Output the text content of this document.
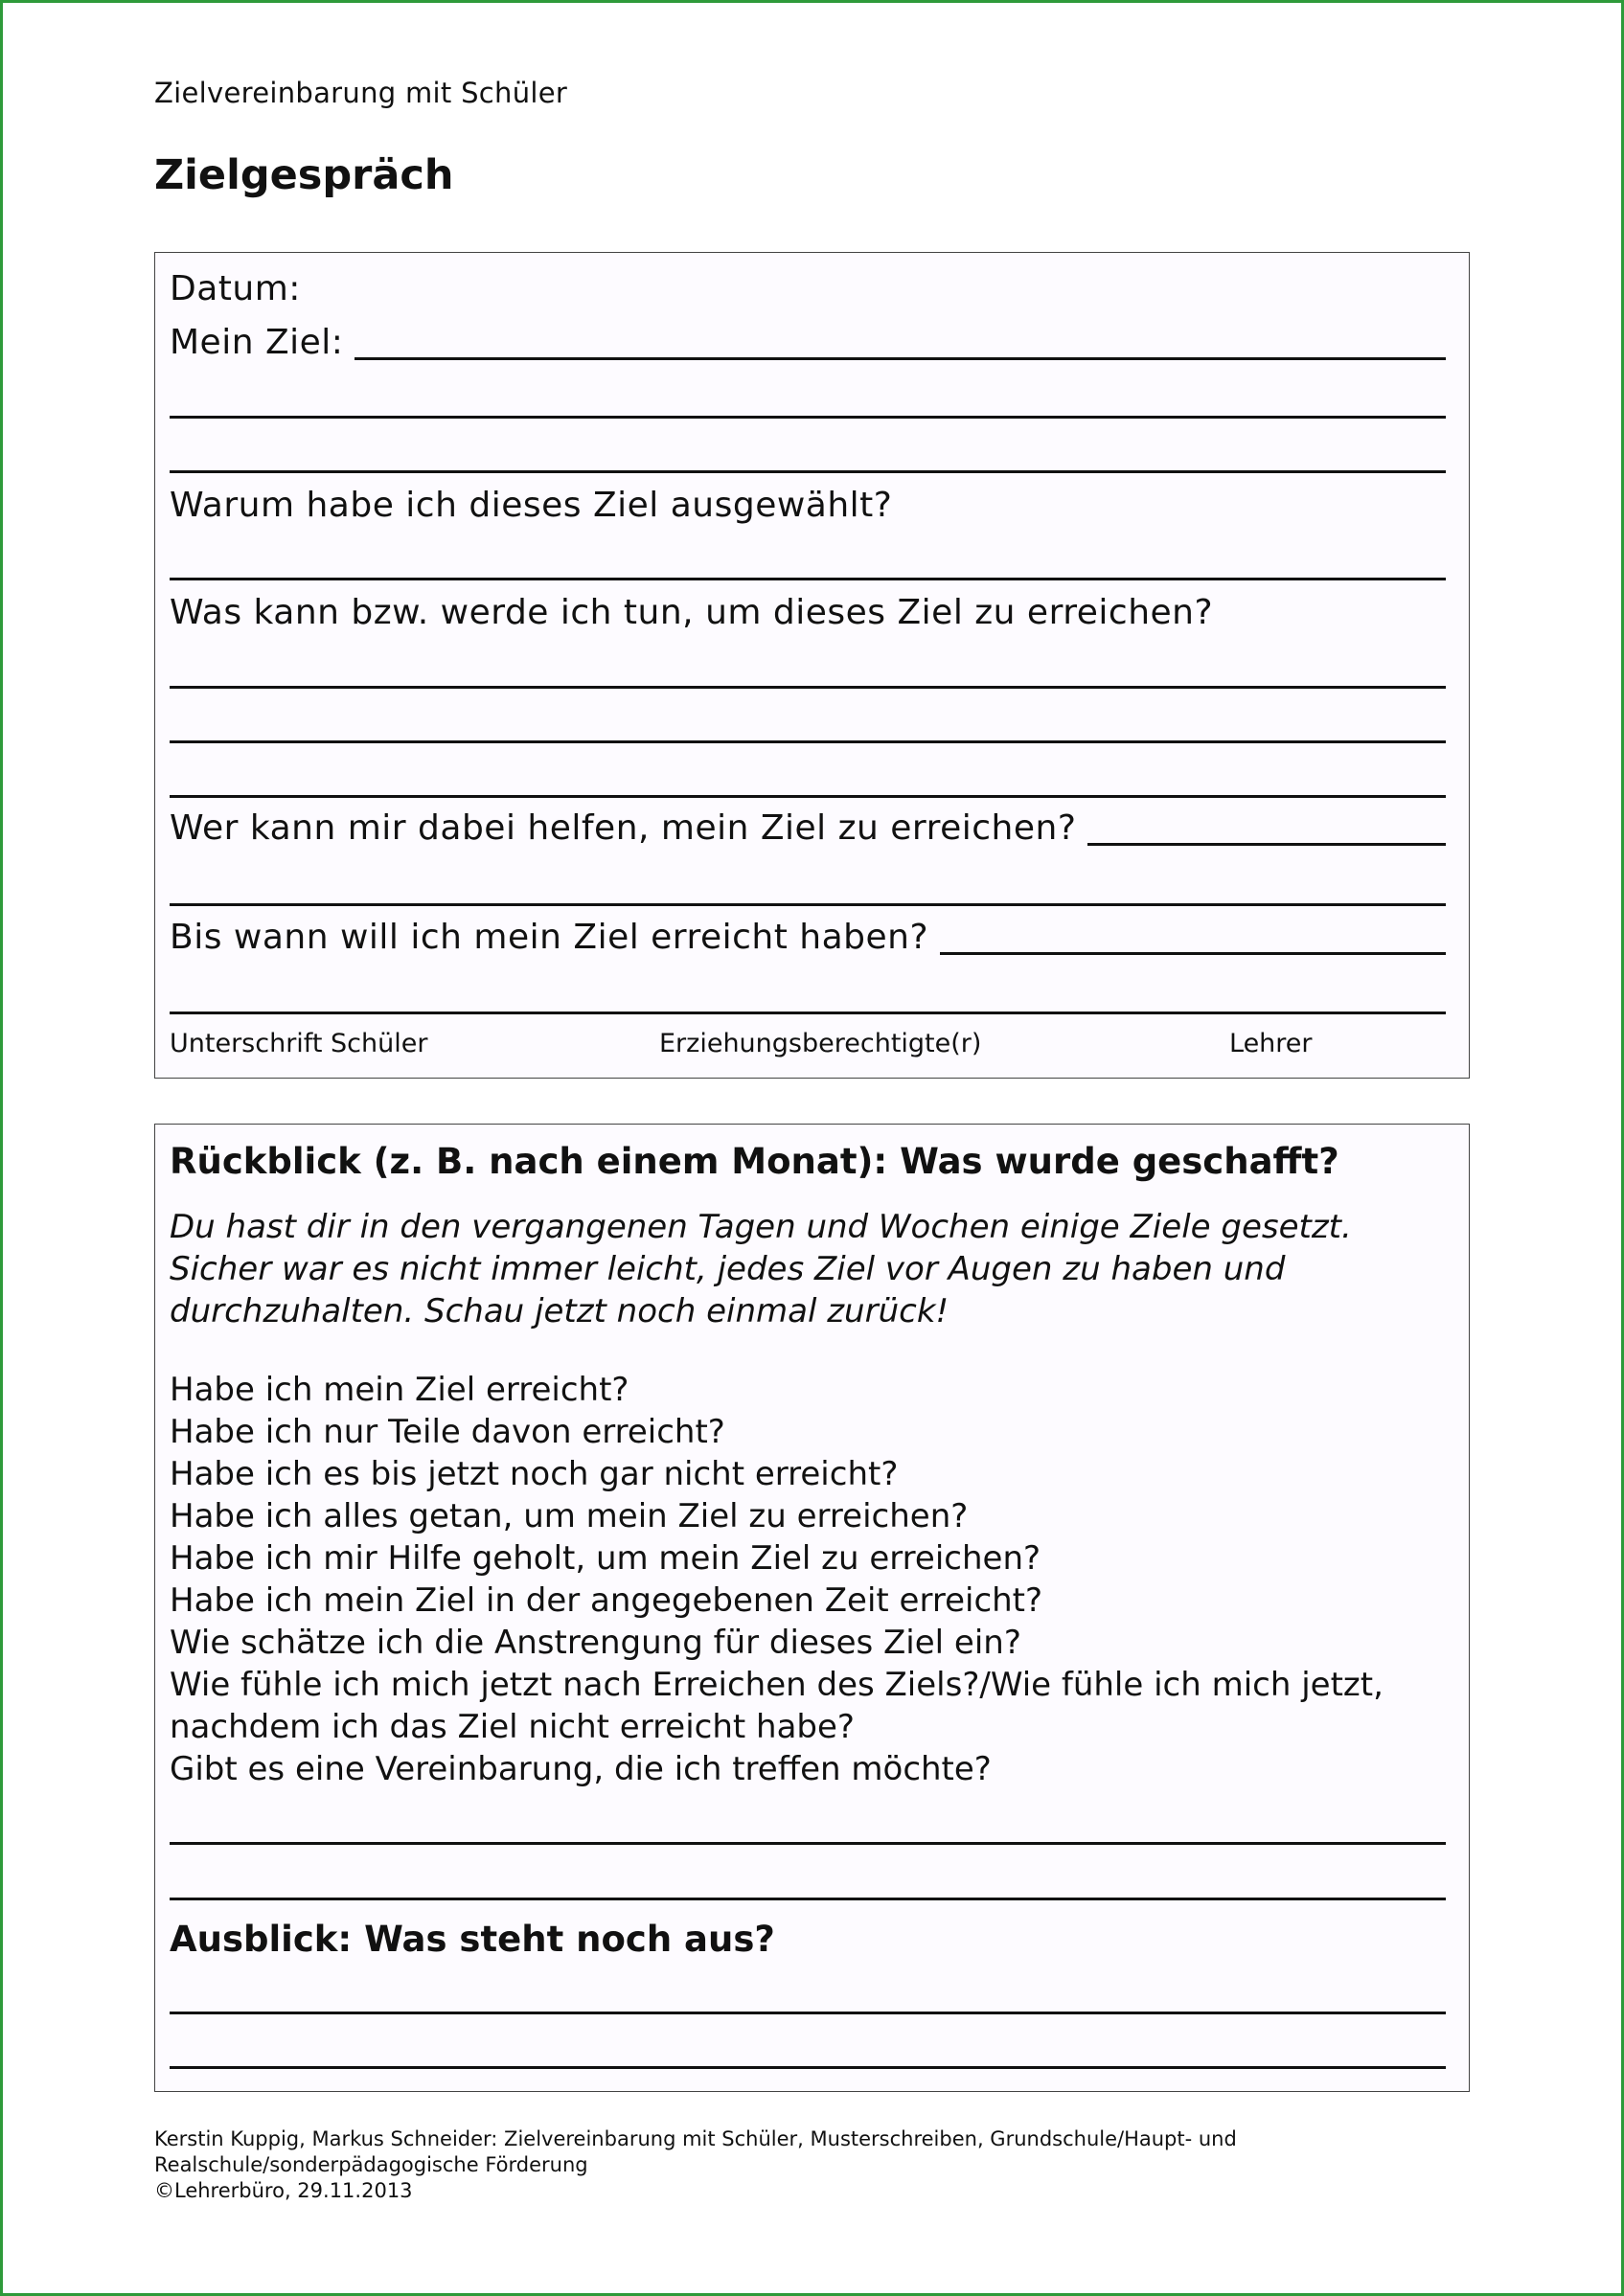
Zielvereinbarung mit Schüler
Zielgespräch
Datum:
Mein Ziel:
Warum habe ich dieses Ziel ausgewählt?
Was kann bzw. werde ich tun, um dieses Ziel zu erreichen?
Wer kann mir dabei helfen, mein Ziel zu erreichen?
Bis wann will ich mein Ziel erreicht haben?
Unterschrift Schüler	Erziehungsberechtigte(r)	Lehrer
Rückblick (z. B. nach einem Monat): Was wurde geschafft?
Du hast dir in den vergangenen Tagen und Wochen einige Ziele gesetzt.
Sicher war es nicht immer leicht, jedes Ziel vor Augen zu haben und
durchzuhalten. Schau jetzt noch einmal zurück!
Habe ich mein Ziel erreicht?
Habe ich nur Teile davon erreicht?
Habe ich es bis jetzt noch gar nicht erreicht?
Habe ich alles getan, um mein Ziel zu erreichen?
Habe ich mir Hilfe geholt, um mein Ziel zu erreichen?
Habe ich mein Ziel in der angegebenen Zeit erreicht?
Wie schätze ich die Anstrengung für dieses Ziel ein?
Wie fühle ich mich jetzt nach Erreichen des Ziels?/Wie fühle ich mich jetzt,
nachdem ich das Ziel nicht erreicht habe?
Gibt es eine Vereinbarung, die ich treffen möchte?
Ausblick: Was steht noch aus?
Kerstin Kuppig, Markus Schneider: Zielvereinbarung mit Schüler, Musterschreiben, Grundschule/Haupt- und
Realschule/sonderpädagogische Förderung
©Lehrerbüro, 29.11.2013
